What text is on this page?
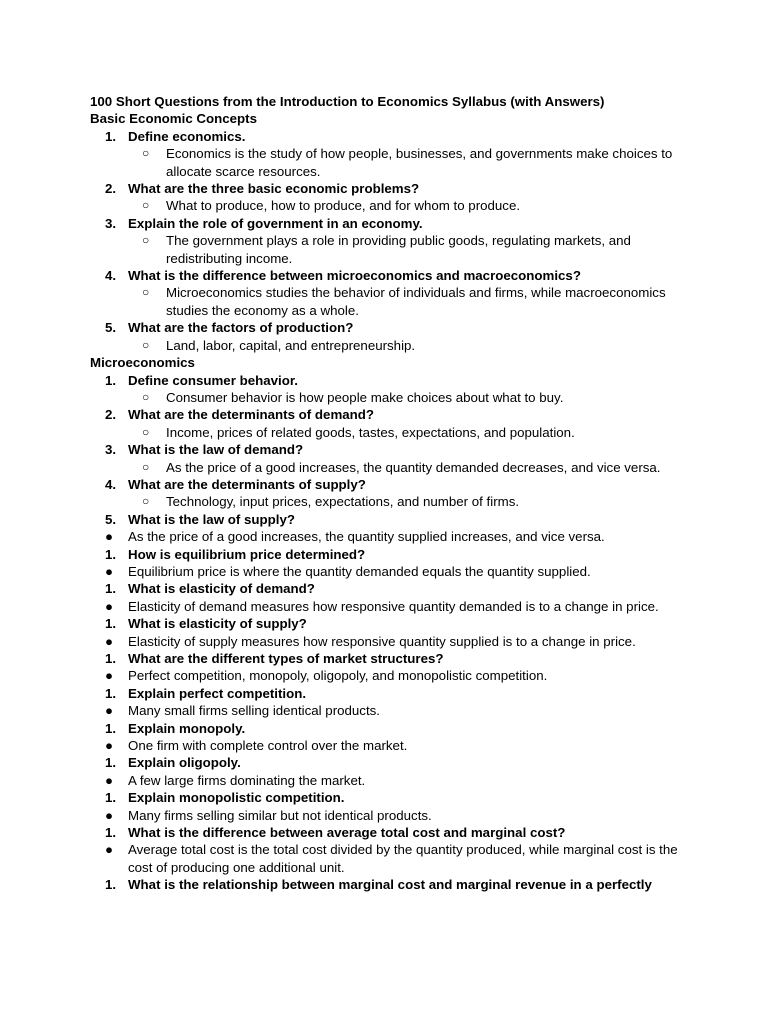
100 Short Questions from the Introduction to Economics Syllabus (with Answers)
Basic Economic Concepts
1. Define economics.
○	Economics is the study of how people, businesses, and governments make choices to allocate scarce resources.
2. What are the three basic economic problems?
○	What to produce, how to produce, and for whom to produce.
3. Explain the role of government in an economy.
○	The government plays a role in providing public goods, regulating markets, and redistributing income.
4. What is the difference between microeconomics and macroeconomics?
○	Microeconomics studies the behavior of individuals and firms, while macroeconomics studies the economy as a whole.
5. What are the factors of production?
○	Land, labor, capital, and entrepreneurship.
Microeconomics
1. Define consumer behavior.
○	Consumer behavior is how people make choices about what to buy.
2. What are the determinants of demand?
○	Income, prices of related goods, tastes, expectations, and population.
3. What is the law of demand?
○	As the price of a good increases, the quantity demanded decreases, and vice versa.
4. What are the determinants of supply?
○	Technology, input prices, expectations, and number of firms.
5. What is the law of supply?
●	As the price of a good increases, the quantity supplied increases, and vice versa.
1. How is equilibrium price determined?
●	Equilibrium price is where the quantity demanded equals the quantity supplied.
1. What is elasticity of demand?
●	Elasticity of demand measures how responsive quantity demanded is to a change in price.
1. What is elasticity of supply?
●	Elasticity of supply measures how responsive quantity supplied is to a change in price.
1. What are the different types of market structures?
●	Perfect competition, monopoly, oligopoly, and monopolistic competition.
1. Explain perfect competition.
●	Many small firms selling identical products.
1. Explain monopoly.
●	One firm with complete control over the market.
1. Explain oligopoly.
●	A few large firms dominating the market.
1. Explain monopolistic competition.
●	Many firms selling similar but not identical products.
1. What is the difference between average total cost and marginal cost?
●	Average total cost is the total cost divided by the quantity produced, while marginal cost is the cost of producing one additional unit.
1. What is the relationship between marginal cost and marginal revenue in a perfectly
